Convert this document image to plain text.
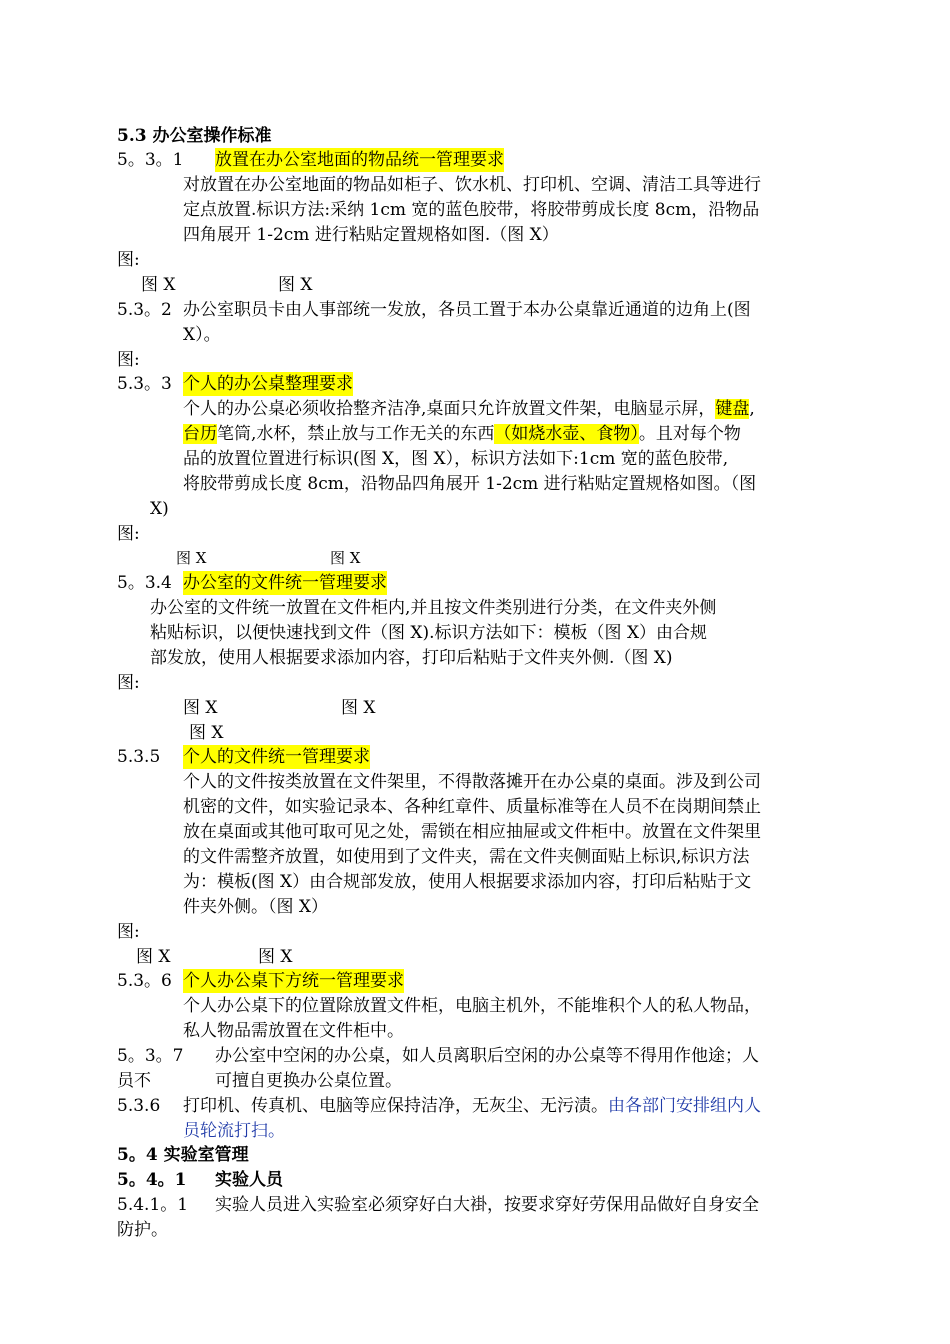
5.3 办公室操作标准
5。3。1 放置在办公室地面的物品统一管理要求
对放置在办公室地面的物品如柜子、饮水机、打印机、空调、清洁工具等进行
定点放置.标识方法:采纳 1cm 宽的蓝色胶带，将胶带剪成长度 8cm，沿物品
四角展开 1-2cm 进行粘贴定置规格如图.（图 X）
图:
图 X	图 X
5.3。2 办公室职员卡由人事部统一发放，各员工置于本办公桌靠近通道的边角上(图
X）。
图:
5.3。3 个人的办公桌整理要求
个人的办公桌必须收拾整齐洁净,桌面只允许放置文件架，电脑显示屏，键盘,
台历笔筒,水杯，禁止放与工作无关的东西（如烧水壶、食物）。且对每个物
品的放置位置进行标识(图 X，图 X），标识方法如下:1cm 宽的蓝色胶带,
将胶带剪成长度 8cm，沿物品四角展开 1-2cm 进行粘贴定置规格如图。（图
X)
图:
图 X	图 X
5。3.4 办公室的文件统一管理要求
办公室的文件统一放置在文件柜内,并且按文件类别进行分类，在文件夹外侧
粘贴标识，以便快速找到文件（图 X).标识方法如下：模板（图 X）由合规
部发放，使用人根据要求添加内容，打印后粘贴于文件夹外侧.（图 X)
图:
图 X	图 X
图 X
5.3.5 个人的文件统一管理要求
个人的文件按类放置在文件架里，不得散落摊开在办公桌的桌面。涉及到公司
机密的文件，如实验记录本、各种红章件、质量标准等在人员不在岗期间禁止
放在桌面或其他可取可见之处，需锁在相应抽屉或文件柜中。放置在文件架里
的文件需整齐放置，如使用到了文件夹，需在文件夹侧面贴上标识,标识方法
为：模板(图 X）由合规部发放，使用人根据要求添加内容，打印后粘贴于文
件夹外侧。（图 X）
图:
图 X	图 X
5.3。6 个人办公桌下方统一管理要求
个人办公桌下的位置除放置文件柜，电脑主机外，不能堆积个人的私人物品，
私人物品需放置在文件柜中。
5。3。7 办公室中空闲的办公桌，如人员离职后空闲的办公桌等不得用作他途；人
员不	可擅自更换办公桌位置。
5.3.6 打印机、传真机、电脑等应保持洁净，无灰尘、无污渍。由各部门安排组内人
员轮流打扫。
5。4 实验室管理
5。4。1 实验人员
5.4.1。1 实验人员进入实验室必须穿好白大褂，按要求穿好劳保用品做好自身安全
防护。
